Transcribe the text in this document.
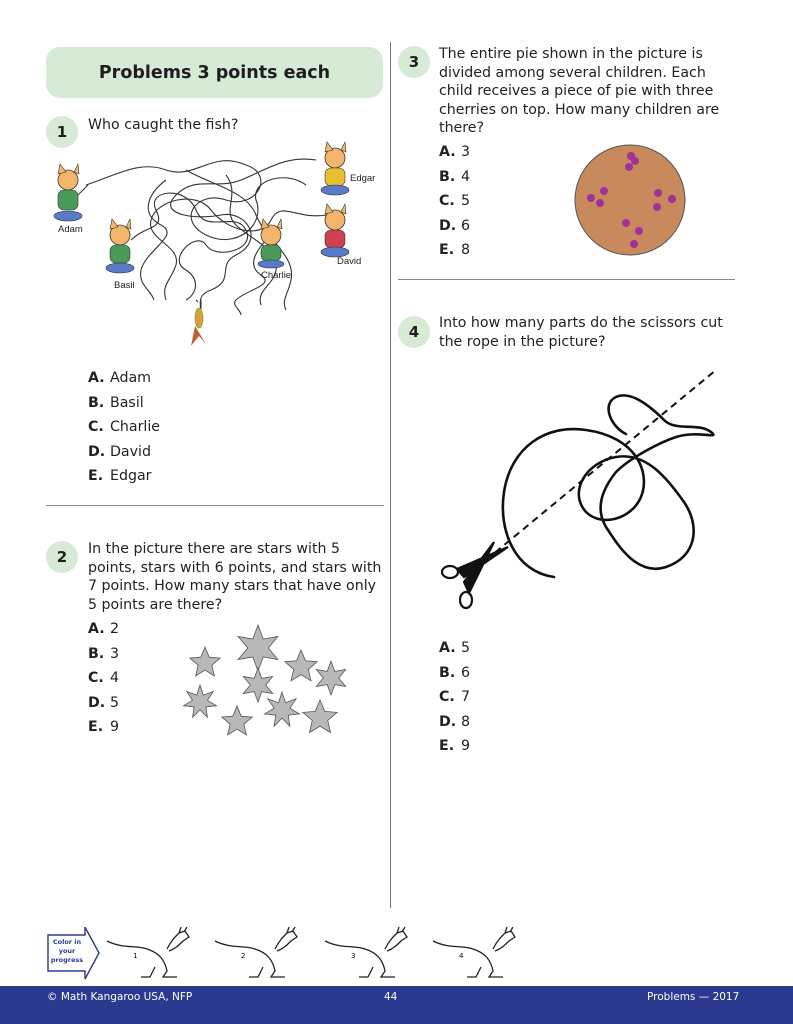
Problems 3 points each
1	Who caught the fish?
Adam
Basil
Charlie
David
Edgar
A. Adam
B. Basil
C. Charlie
D. David
E. Edgar
2	In the picture there are stars with 5 points, stars with 6 points, and stars with 7 points. How many stars that have only 5 points are there?
A. 2
B. 3
C. 4
D. 5
E. 9
3	The entire pie shown in the picture is divided among several children. Each child receives a piece of pie with three cherries on top. How many children are there?
A. 3
B. 4
C. 5
D. 6
E. 8
4	Into how many parts do the scissors cut the rope in the picture?
A. 5
B. 6
C. 7
D. 8
E. 9
Color in
your
progress	1	2	3	4
© Math Kangaroo USA, NFP	44	Problems — 2017
